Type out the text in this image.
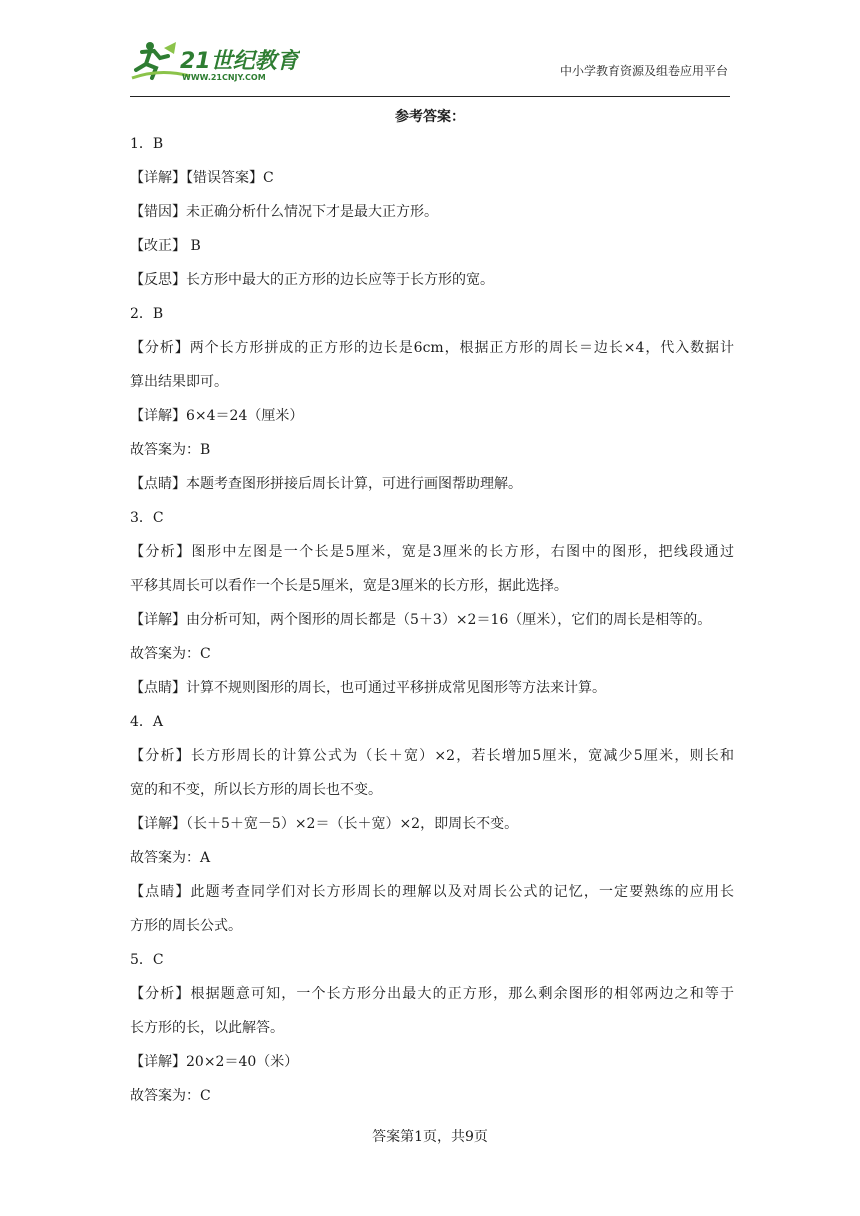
21世纪教育
WWW.21CNJY.COM	中小学教育资源及组卷应用平台
参考答案：
1．B
【详解】【错误答案】C
【错因】未正确分析什么情况下才是最大正方形。
【改正】 B
【反思】长方形中最大的正方形的边长应等于长方形的宽。
2．B
【分析】两个长方形拼成的正方形的边长是6cm，根据正方形的周长＝边长×4，代入数据计
算出结果即可。
【详解】6×4＝24（厘米）
故答案为：B
【点睛】本题考查图形拼接后周长计算，可进行画图帮助理解。
3．C
【分析】图形中左图是一个长是5厘米，宽是3厘米的长方形，右图中的图形，把线段通过
平移其周长可以看作一个长是5厘米，宽是3厘米的长方形，据此选择。
【详解】由分析可知，两个图形的周长都是（5＋3）×2＝16（厘米），它们的周长是相等的。
故答案为：C
【点睛】计算不规则图形的周长，也可通过平移拼成常见图形等方法来计算。
4．A
【分析】长方形周长的计算公式为（长＋宽）×2，若长增加5厘米，宽减少5厘米，则长和
宽的和不变，所以长方形的周长也不变。
【详解】（长＋5＋宽－5）×2＝（长＋宽）×2，即周长不变。
故答案为：A
【点睛】此题考查同学们对长方形周长的理解以及对周长公式的记忆，一定要熟练的应用长
方形的周长公式。
5．C
【分析】根据题意可知，一个长方形分出最大的正方形，那么剩余图形的相邻两边之和等于
长方形的长，以此解答。
【详解】20×2＝40（米）
故答案为：C
答案第1页，共9页
